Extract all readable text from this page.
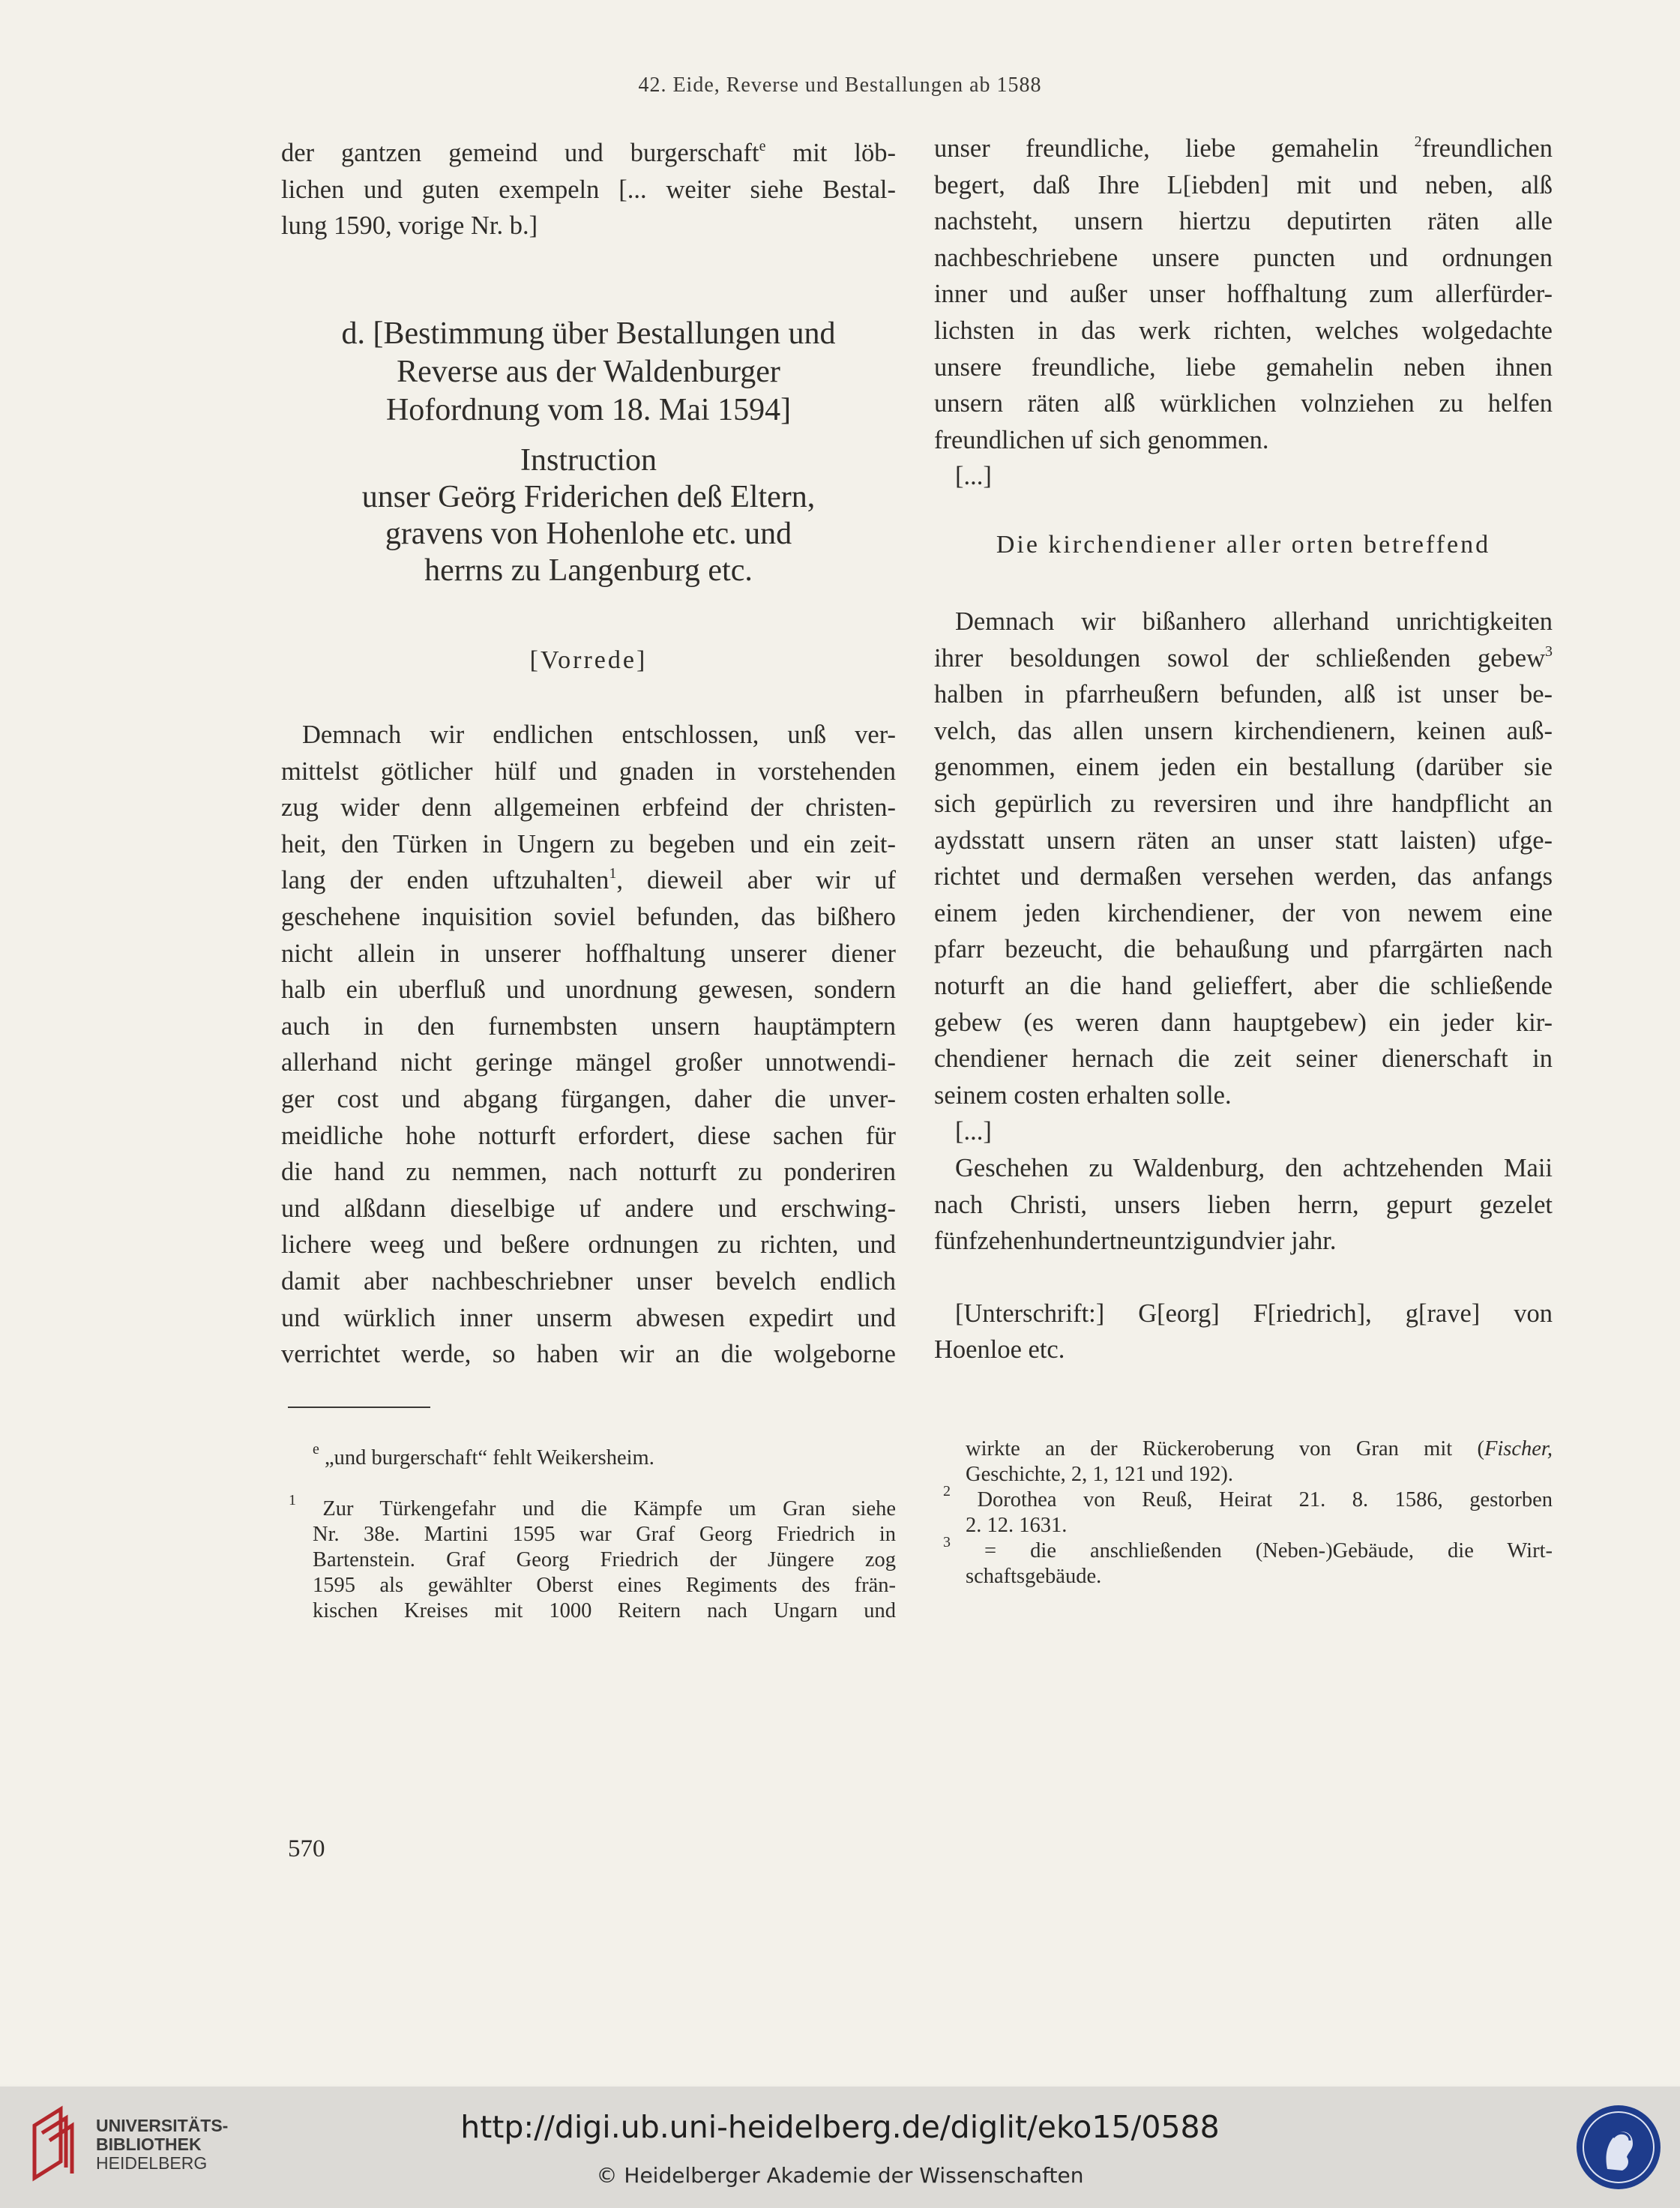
42. Eide, Reverse und Bestallungen ab 1588
der gantzen gemeind und burgerschaft$^e$ mit löb-
lichen und guten exempeln [... weiter siehe Bestal-
lung 1590, vorige Nr. b.]
d. [Bestimmung über Bestallungen und
Reverse aus der Waldenburger
Hofordnung vom 18. Mai 1594]
Instruction
unser Geörg Friderichen deß Eltern,
gravens von Hohenlohe etc. und
herrns zu Langenburg etc.
[Vorrede]
Demnach wir endlichen entschlossen, unß ver-
mittelst götlicher hülf und gnaden in vorstehenden
zug wider denn allgemeinen erbfeind der christen-
heit, den Türken in Ungern zu begeben und ein zeit-
lang der enden uftzuhalten$^1$, dieweil aber wir uf
geschehene inquisition soviel befunden, das bißhero
nicht allein in unserer hoffhaltung unserer diener
halb ein uberfluß und unordnung gewesen, sondern
auch in den furnembsten unsern hauptämptern
allerhand nicht geringe mängel großer unnotwendi-
ger cost und abgang fürgangen, daher die unver-
meidliche hohe notturft erfordert, diese sachen für
die hand zu nemmen, nach notturft zu ponderiren
und alßdann dieselbige uf andere und erschwing-
lichere weeg und beßere ordnungen zu richten, und
damit aber nachbeschriebner unser bevelch endlich
und würklich inner unserm abwesen expedirt und
verrichtet werde, so haben wir an die wolgeborne
unser freundliche, liebe gemahelin $^2$freundlichen
begert, daß Ihre L[iebden] mit und neben, alß
nachsteht, unsern hiertzu deputirten räten alle
nachbeschriebene unsere puncten und ordnungen
inner und außer unser hoffhaltung zum allerfürder-
lichsten in das werk richten, welches wolgedachte
unsere freundliche, liebe gemahelin neben ihnen
unsern räten alß würklichen volnziehen zu helfen
freundlichen uf sich genommen.
[...]
Die kirchendiener aller orten betreffend
Demnach wir bißanhero allerhand unrichtigkeiten
ihrer besoldungen sowol der schließenden gebew$^3$
halben in pfarrheußern befunden, alß ist unser be-
velch, das allen unsern kirchendienern, keinen auß-
genommen, einem jeden ein bestallung (darüber sie
sich gepürlich zu reversiren und ihre handpflicht an
aydsstatt unsern räten an unser statt laisten) ufge-
richtet und dermaßen versehen werden, das anfangs
einem jeden kirchendiener, der von newem eine
pfarr bezeucht, die behaußung und pfarrgärten nach
noturft an die hand gelieffert, aber die schließende
gebew (es weren dann hauptgebew) ein jeder kir-
chendiener hernach die zeit seiner dienerschaft in
seinem costen erhalten solle.
[...]
Geschehen zu Waldenburg, den achtzehenden Maii
nach Christi, unsers lieben herrn, gepurt gezelet
fünfzehenhundertneuntzigundvier jahr.
[Unterschrift:] G[eorg] F[riedrich], g[rave] von
Hoenloe etc.
$^e$ „und burgerschaft“ fehlt Weikersheim.
$^1$ Zur Türkengefahr und die Kämpfe um Gran siehe
Nr. 38e. Martini 1595 war Graf Georg Friedrich in
Bartenstein. Graf Georg Friedrich der Jüngere zog
1595 als gewählter Oberst eines Regiments des frän-
kischen Kreises mit 1000 Reitern nach Ungarn und
wirkte an der Rückeroberung von Gran mit (Fischer,
Geschichte, 2, 1, 121 und 192).
$^2$ Dorothea von Reuß, Heirat 21. 8. 1586, gestorben
2. 12. 1631.
$^3$ = die anschließenden (Neben-)Gebäude, die Wirt-
schaftsgebäude.
570
UNIVERSITÄTS-
BIBLIOTHEK
HEIDELBERG
http://digi.ub.uni-heidelberg.de/diglit/eko15/0588
© Heidelberger Akademie der Wissenschaften
